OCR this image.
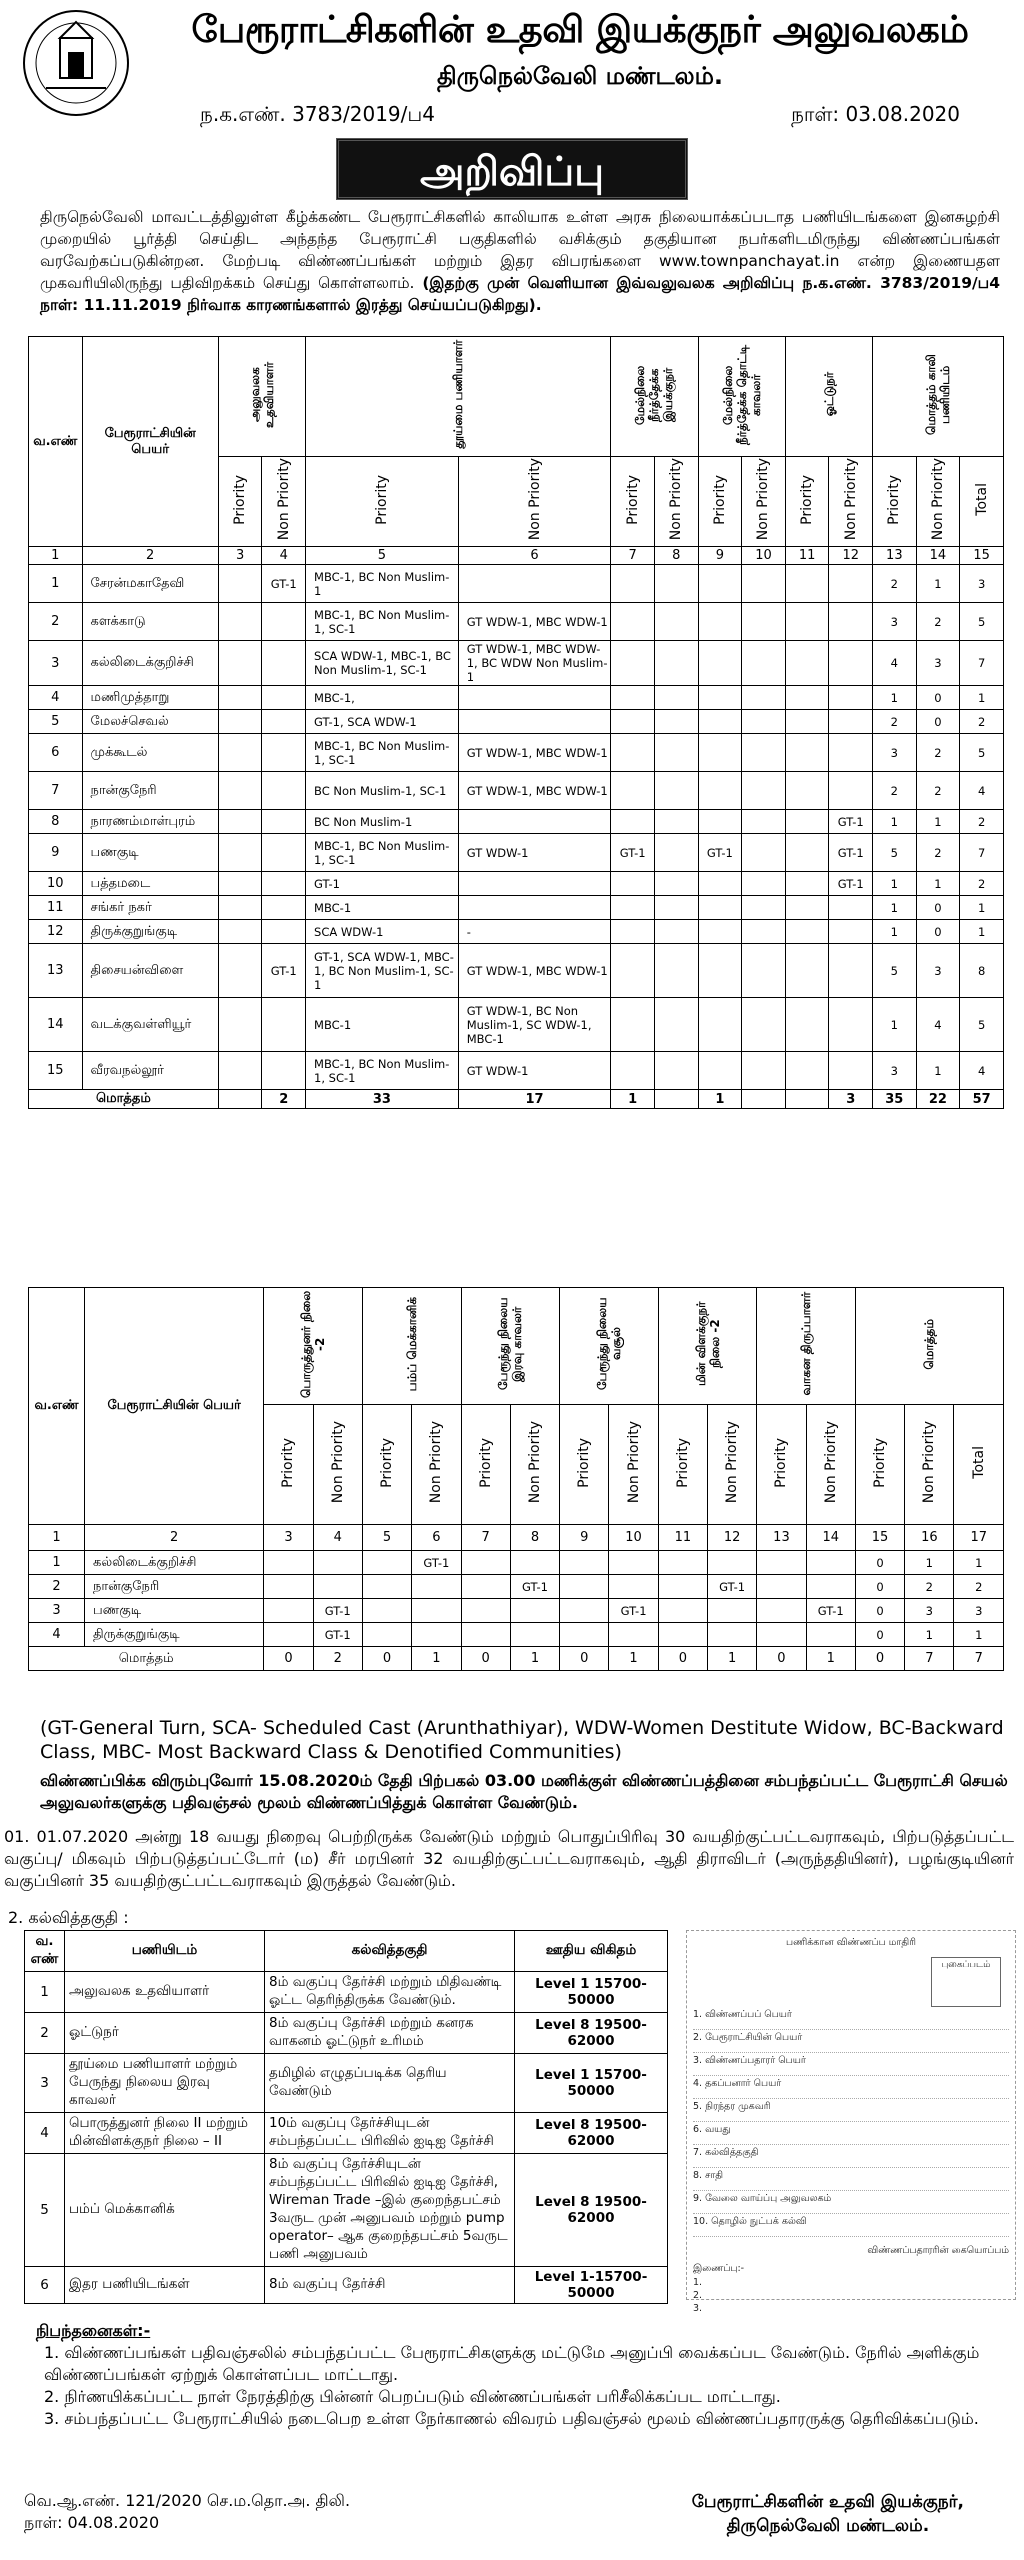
பேரூராட்சிகளின் உதவி இயக்குநர் அலுவலகம்
திருநெல்வேலி மண்டலம்.
ந.க.எண். 3783/2019/ப4	நாள்: 03.08.2020
அறிவிப்பு
திருநெல்வேலி மாவட்டத்திலுள்ள கீழ்க்கண்ட பேரூராட்சிகளில் காலியாக உள்ள அரசு நிலையாக்கப்படாத பணியிடங்களை இனசுழற்சி முறையில் பூர்த்தி செய்திட அந்தந்த பேரூராட்சி பகுதிகளில் வசிக்கும் தகுதியான நபர்களிடமிருந்து விண்ணப்பங்கள் வரவேற்கப்படுகின்றன. மேற்படி விண்ணப்பங்கள் மற்றும் இதர விபரங்களை www.townpanchayat.in என்ற இணையதள முகவரியிலிருந்து பதிவிறக்கம் செய்து கொள்ளலாம். (இதற்கு முன் வெளியான இவ்வலுவலக அறிவிப்பு ந.க.எண். 3783/2019/ப4 நாள்: 11.11.2019 நிர்வாக காரணங்களால் இரத்து செய்யப்படுகிறது).
வ.எண்	பேரூராட்சியின் பெயர்	அலுவலக உதவியாளர்		தூய்மை பணியாளர்		மேல்நிலை நீர்த்தேக்க இயக்குநர்		மேல்நிலை நீர்த்தேக்க தொட்டி காவலர்		ஓட்டுநர்		மொத்தம் காலி பணியிடம்		
		Priority	Non Priority	Priority	Non Priority	Priority	Non Priority	Priority	Non Priority	Priority	Non Priority	Priority	Non Priority	Total
1	2	3	4	5	6	7	8	9	10	11	12	13	14	15
1	சேரன்மகாதேவி		GT-1	MBC-1, BC Non Muslim-1								2	1	3
2	களக்காடு			MBC-1, BC Non Muslim-1, SC-1	GT WDW-1, MBC WDW-1							3	2	5
3	கல்லிடைக்குறிச்சி			SCA WDW-1, MBC-1, BC Non Muslim-1, SC-1	GT WDW-1, MBC WDW-1, BC WDW Non Muslim-1							4	3	7
4	மணிமுத்தாறு			MBC-1,								1	0	1
5	மேலச்செவல்			GT-1, SCA WDW-1								2	0	2
6	முக்கூடல்			MBC-1, BC Non Muslim-1, SC-1	GT WDW-1, MBC WDW-1							3	2	5
7	நான்குநேரி			BC Non Muslim-1, SC-1	GT WDW-1, MBC WDW-1							2	2	4
8	நாரணம்மாள்புரம்			BC Non Muslim-1							GT-1	1	1	2
9	பணகுடி			MBC-1, BC Non Muslim-1, SC-1	GT WDW-1	GT-1		GT-1			GT-1	5	2	7
10	பத்தமடை			GT-1							GT-1	1	1	2
11	சங்கர் நகர்			MBC-1								1	0	1
12	திருக்குறுங்குடி			SCA WDW-1	-							1	0	1
13	திசையன்விளை		GT-1	GT-1, SCA WDW-1, MBC-1, BC Non Muslim-1, SC-1	GT WDW-1, MBC WDW-1							5	3	8
14	வடக்குவள்ளியூர்			MBC-1	GT WDW-1, BC Non Muslim-1, SC WDW-1, MBC-1							1	4	5
15	வீரவநல்லூர்			MBC-1, BC Non Muslim-1, SC-1	GT WDW-1							3	1	4
மொத்தம்			2	33	17	1		1			3	35	22	57
வ.எண்	பேரூராட்சியின் பெயர்	பொருத்துனர் நிலை -2		பம்ப் மெக்கானிக்		பேரூந்து நிலைய இரவு காவலர்		பேரூந்து நிலைய வசூல்		மின் விளக்குநர் நிலை -2		வாகன திருப்பாளர்		மொத்தம்		
		Priority	Non Priority	Priority	Non Priority	Priority	Non Priority	Priority	Non Priority	Priority	Non Priority	Priority	Non Priority	Priority	Non Priority	Total
1	2	3	4	5	6	7	8	9	10	11	12	13	14	15	16	17
1	கல்லிடைக்குறிச்சி				GT-1									0	1	1
2	நான்குநேரி						GT-1				GT-1			0	2	2
3	பணகுடி		GT-1						GT-1				GT-1	0	3	3
4	திருக்குறுங்குடி		GT-1											0	1	1
மொத்தம்		0	2	0	1	0	1	0	1	0	1	0	1	0	7	7
(GT-General Turn, SCA- Scheduled Cast (Arunthathiyar), WDW-Women Destitute Widow, BC-Backward Class, MBC- Most Backward Class & Denotified Communities)
விண்ணப்பிக்க விரும்புவோர் 15.08.2020ம் தேதி பிற்பகல் 03.00 மணிக்குள் விண்ணப்பத்தினை சம்பந்தப்பட்ட பேரூராட்சி செயல் அலுவலர்களுக்கு பதிவஞ்சல் மூலம் விண்ணப்பித்துக் கொள்ள வேண்டும்.
01. 01.07.2020 அன்று 18 வயது நிறைவு பெற்றிருக்க வேண்டும் மற்றும் பொதுப்பிரிவு 30 வயதிற்குட்பட்டவராகவும், பிற்படுத்தப்பட்ட வகுப்பு/ மிகவும் பிற்படுத்தப்பட்டோர் (ம) சீர் மரபினர் 32 வயதிற்குட்பட்டவராகவும், ஆதி திராவிடர் (அருந்ததியினர்), பழங்குடியினர் வகுப்பினர் 35 வயதிற்குட்பட்டவராகவும் இருத்தல் வேண்டும்.
2. கல்வித்தகுதி :
வ. எண்	பணியிடம்	கல்வித்தகுதி	ஊதிய விகிதம்
1	அலுவலக உதவியாளர்	8ம் வகுப்பு தேர்ச்சி மற்றும் மிதிவண்டி ஓட்ட தெரிந்திருக்க வேண்டும்.	Level 1 15700-50000
2	ஓட்டுநர்	8ம் வகுப்பு தேர்ச்சி மற்றும் கனரக வாகனம் ஓட்டுநர் உரிமம்	Level 8 19500-62000
3	தூய்மை பணியாளர் மற்றும் பேருந்து நிலைய இரவு காவலர்	தமிழில் எழுதப்படிக்க தெரிய வேண்டும்	Level 1 15700-50000
4	பொருத்துனர் நிலை II மற்றும் மின்விளக்குநர் நிலை – II	10ம் வகுப்பு தேர்ச்சியுடன் சம்பந்தப்பட்ட பிரிவில் ஐடிஐ தேர்ச்சி	Level 8 19500-62000
5	பம்ப் மெக்கானிக்	8ம் வகுப்பு தேர்ச்சியுடன் சம்பந்தப்பட்ட பிரிவில் ஐடிஐ தேர்ச்சி, Wireman Trade –இல் குறைந்தபட்சம் 3வருட முன் அனுபவம் மற்றும் pump operator– ஆக குறைந்தபட்சம் 5வருட பணி அனுபவம்	Level 8 19500-62000
6	இதர பணியிடங்கள்	8ம் வகுப்பு தேர்ச்சி	Level 1-15700-50000
பணிக்கான விண்ணப்ப மாதிரி
புகைப்படம்
1. விண்ணப்பப் பெயர்
2. பேரூராட்சியின் பெயர்
3. விண்ணப்பதாரர் பெயர்
4. தகப்பனார் பெயர்
5. நிரந்தர முகவரி
6. வயது
7. கல்வித்தகுதி
8. சாதி
9. வேலை வாய்ப்பு அலுவலகம்
10. தொழில் நுட்பக் கல்வி
விண்ணப்பதாரரின் கையொப்பம்
இணைப்பு:-
1.
2.
3.
நிபந்தனைகள்:-
1. விண்ணப்பங்கள் பதிவஞ்சலில் சம்பந்தப்பட்ட பேரூராட்சிகளுக்கு மட்டுமே அனுப்பி வைக்கப்பட வேண்டும். நேரில் அளிக்கும் விண்ணப்பங்கள் ஏற்றுக் கொள்ளப்பட மாட்டாது.
2. நிர்ணயிக்கப்பட்ட நாள் நேரத்திற்கு பின்னர் பெறப்படும் விண்ணப்பங்கள் பரிசீலிக்கப்பட மாட்டாது.
3. சம்பந்தப்பட்ட பேரூராட்சியில் நடைபெற உள்ள நேர்காணல் விவரம் பதிவஞ்சல் மூலம் விண்ணப்பதாரருக்கு தெரிவிக்கப்படும்.
வெ.ஆ.எண். 121/2020 செ.ம.தொ.அ. திலி.
நாள்: 04.08.2020
பேரூராட்சிகளின் உதவி இயக்குநர்,
திருநெல்வேலி மண்டலம்.
